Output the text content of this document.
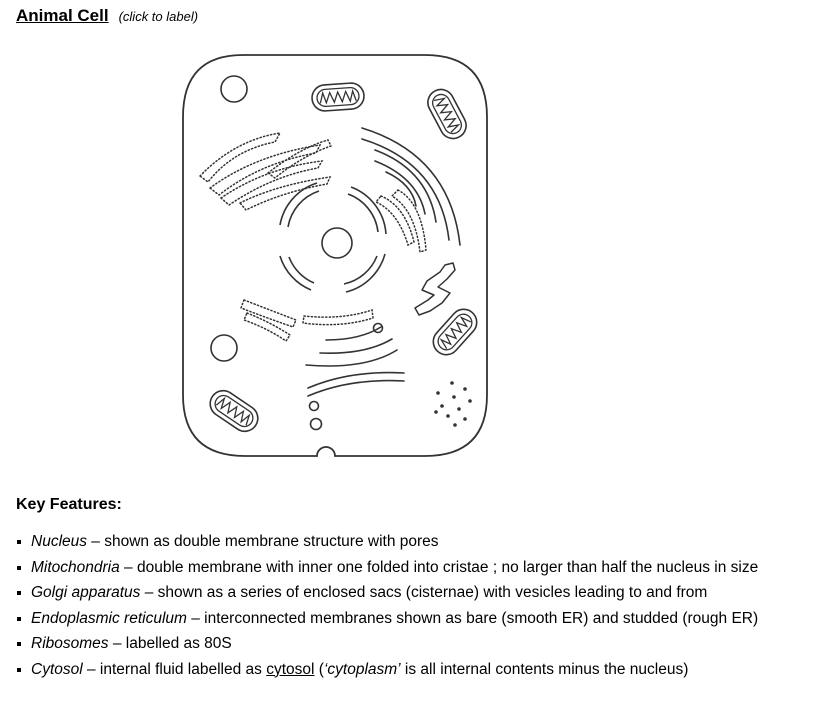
Animal Cell (click to label)
Key Features:
Nucleus – shown as double membrane structure with pores
Mitochondria – double membrane with inner one folded into cristae ; no larger than half the nucleus in size
Golgi apparatus – shown as a series of enclosed sacs (cisternae) with vesicles leading to and from
Endoplasmic reticulum – interconnected membranes shown as bare (smooth ER) and studded (rough ER)
Ribosomes – labelled as 80S
Cytosol – internal fluid labelled as cytosol (‘cytoplasm’ is all internal contents minus the nucleus)
